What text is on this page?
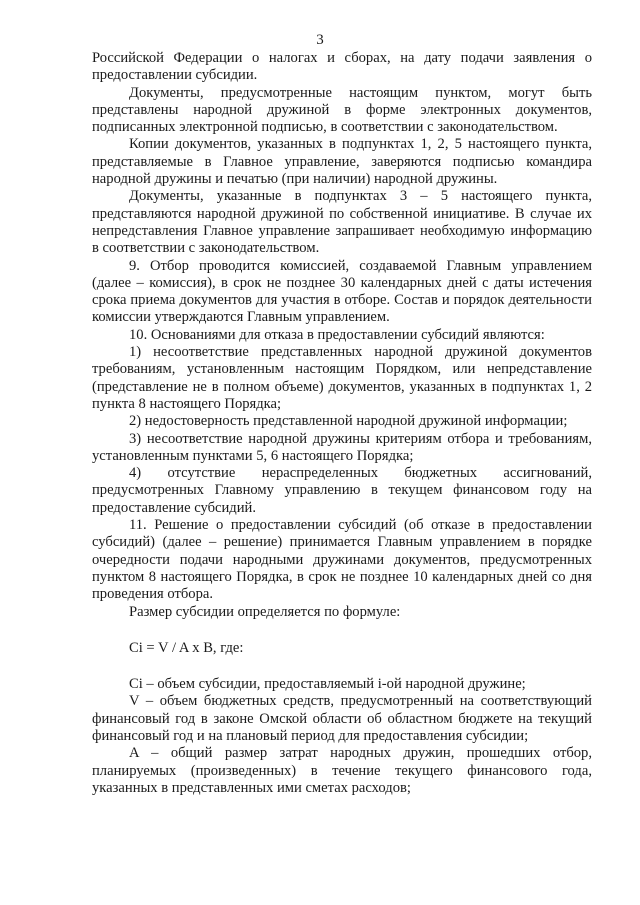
3

Российской Федерации о налогах и сборах, на дату подачи заявления о предоставлении субсидии.

Документы, предусмотренные настоящим пунктом, могут быть представлены народной дружиной в форме электронных документов, подписанных электронной подписью, в соответствии с законодательством.

Копии документов, указанных в подпунктах 1, 2, 5 настоящего пункта, представляемые в Главное управление, заверяются подписью командира народной дружины и печатью (при наличии) народной дружины.

Документы, указанные в подпунктах 3 – 5 настоящего пункта, представляются народной дружиной по собственной инициативе. В случае их непредставления Главное управление запрашивает необходимую информацию в соответствии с законодательством.

9. Отбор проводится комиссией, создаваемой Главным управлением (далее – комиссия), в срок не позднее 30 календарных дней с даты истечения срока приема документов для участия в отборе. Состав и порядок деятельности комиссии утверждаются Главным управлением.

10. Основаниями для отказа в предоставлении субсидий являются:

1) несоответствие представленных народной дружиной документов требованиям, установленным настоящим Порядком, или непредставление (представление не в полном объеме) документов, указанных в подпунктах 1, 2 пункта 8 настоящего Порядка;

2) недостоверность представленной народной дружиной информации;

3) несоответствие народной дружины критериям отбора и требованиям, установленным пунктами 5, 6 настоящего Порядка;

4) отсутствие нераспределенных бюджетных ассигнований, предусмотренных Главному управлению в текущем финансовом году на предоставление субсидий.

11. Решение о предоставлении субсидий (об отказе в предоставлении субсидий) (далее – решение) принимается Главным управлением в порядке очередности подачи народными дружинами документов, предусмотренных пунктом 8 настоящего Порядка, в срок не позднее 10 календарных дней со дня проведения отбора.

Размер субсидии определяется по формуле:

Ci = V / A x B, где:

Ci – объем субсидии, предоставляемый i-ой народной дружине;

V – объем бюджетных средств, предусмотренный на соответствующий финансовый год в законе Омской области об областном бюджете на текущий финансовый год и на плановый период для предоставления субсидии;

A – общий размер затрат народных дружин, прошедших отбор, планируемых (произведенных) в течение текущего финансового года, указанных в представленных ими сметах расходов;
